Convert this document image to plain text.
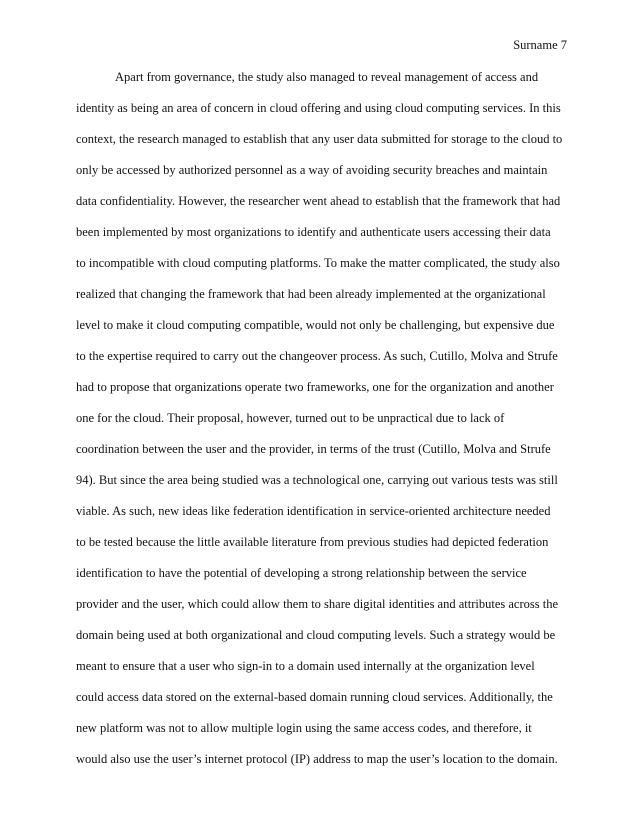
Surname 7
Apart from governance, the study also managed to reveal management of access and
identity as being an area of concern in cloud offering and using cloud computing services. In this
context, the research managed to establish that any user data submitted for storage to the cloud to
only be accessed by authorized personnel as a way of avoiding security breaches and maintain
data confidentiality. However, the researcher went ahead to establish that the framework that had
been implemented by most organizations to identify and authenticate users accessing their data
to incompatible with cloud computing platforms. To make the matter complicated, the study also
realized that changing the framework that had been already implemented at the organizational
level to make it cloud computing compatible, would not only be challenging, but expensive due
to the expertise required to carry out the changeover process. As such, Cutillo, Molva and Strufe
had to propose that organizations operate two frameworks, one for the organization and another
one for the cloud. Their proposal, however, turned out to be unpractical due to lack of
coordination between the user and the provider, in terms of the trust (Cutillo, Molva and Strufe
94). But since the area being studied was a technological one, carrying out various tests was still
viable. As such, new ideas like federation identification in service-oriented architecture needed
to be tested because the little available literature from previous studies had depicted federation
identification to have the potential of developing a strong relationship between the service
provider and the user, which could allow them to share digital identities and attributes across the
domain being used at both organizational and cloud computing levels. Such a strategy would be
meant to ensure that a user who sign-in to a domain used internally at the organization level
could access data stored on the external-based domain running cloud services. Additionally, the
new platform was not to allow multiple login using the same access codes, and therefore, it
would also use the user’s internet protocol (IP) address to map the user’s location to the domain.
